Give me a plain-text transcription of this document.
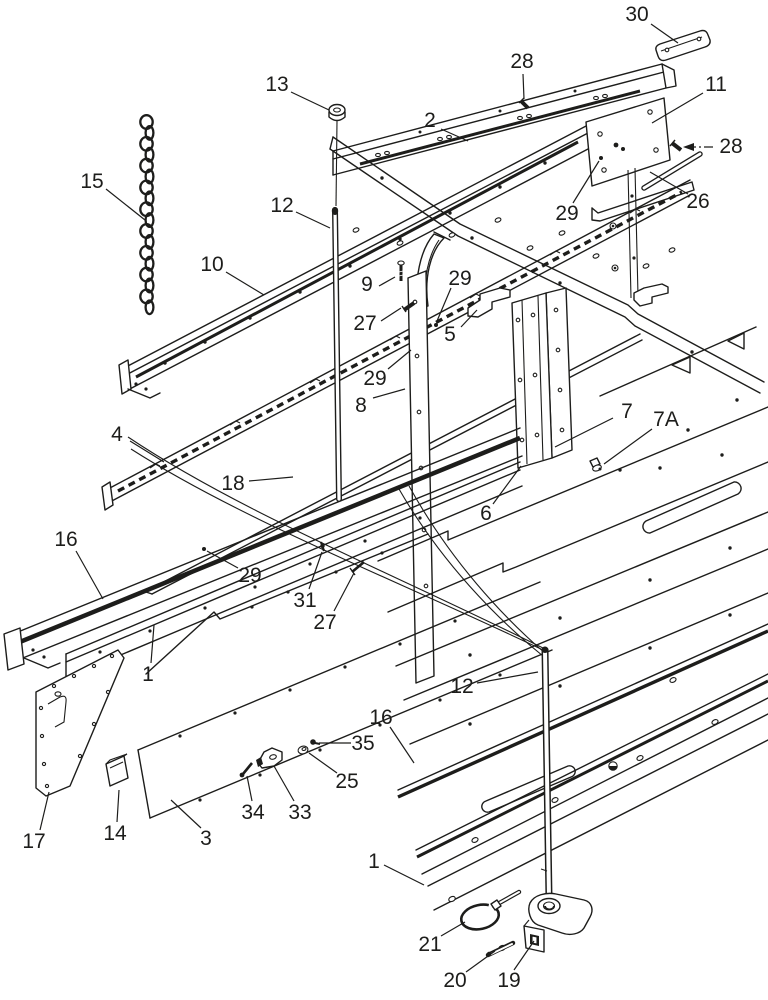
30
13
28
2
11
28
15
12	26
29
10
9	29
27	5
29
8	7 7A
4
18
6
16
29
31
27
1
12
16
35
25
17	14	3
34 33
1
21
20 19
